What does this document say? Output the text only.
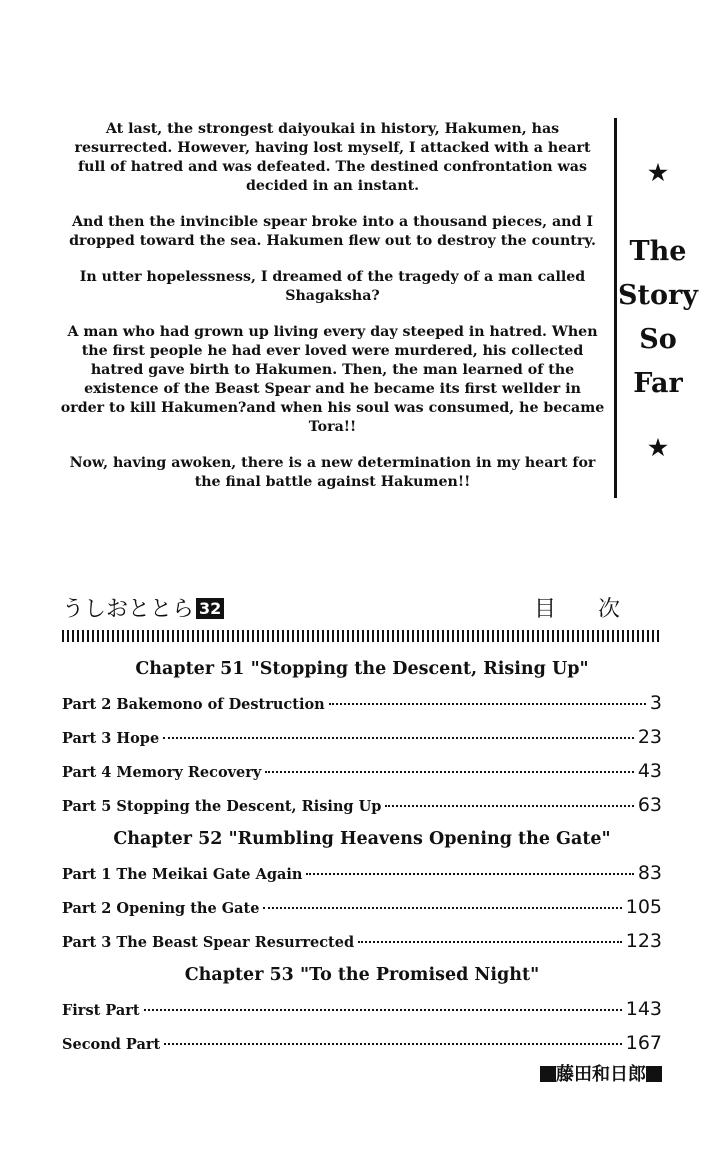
At last, the strongest daiyoukai in history, Hakumen, has resurrected. However, having lost myself, I attacked with a heart full of hatred and was defeated. The destined confrontation was decided in an instant.

And then the invincible spear broke into a thousand pieces, and I dropped toward the sea. Hakumen flew out to destroy the country.

In utter hopelessness, I dreamed of the tragedy of a man called Shagaksha?

A man who had grown up living every day steeped in hatred. When the first people he had ever loved were murdered, his collected hatred gave birth to Hakumen. Then, the man learned of the existence of the Beast Spear and he became its first wellder in order to kill Hakumen?and when his soul was consumed, he became Tora!!

Now, having awoken, there is a new determination in my heart for the final battle against Hakumen!!

★
The
Story
So
Far
★
うしおととら 32	目次
Chapter 51 "Stopping the Descent, Rising Up"
Part 2 Bakemono of Destruction	3
Part 3 Hope	23
Part 4 Memory Recovery	43
Part 5 Stopping the Descent, Rising Up	63
Chapter 52 "Rumbling Heavens Opening the Gate"
Part 1 The Meikai Gate Again	83
Part 2 Opening the Gate	105
Part 3 The Beast Spear Resurrected	123
Chapter 53 "To the Promised Night"
First Part	143
Second Part	167
藤田和日郎
